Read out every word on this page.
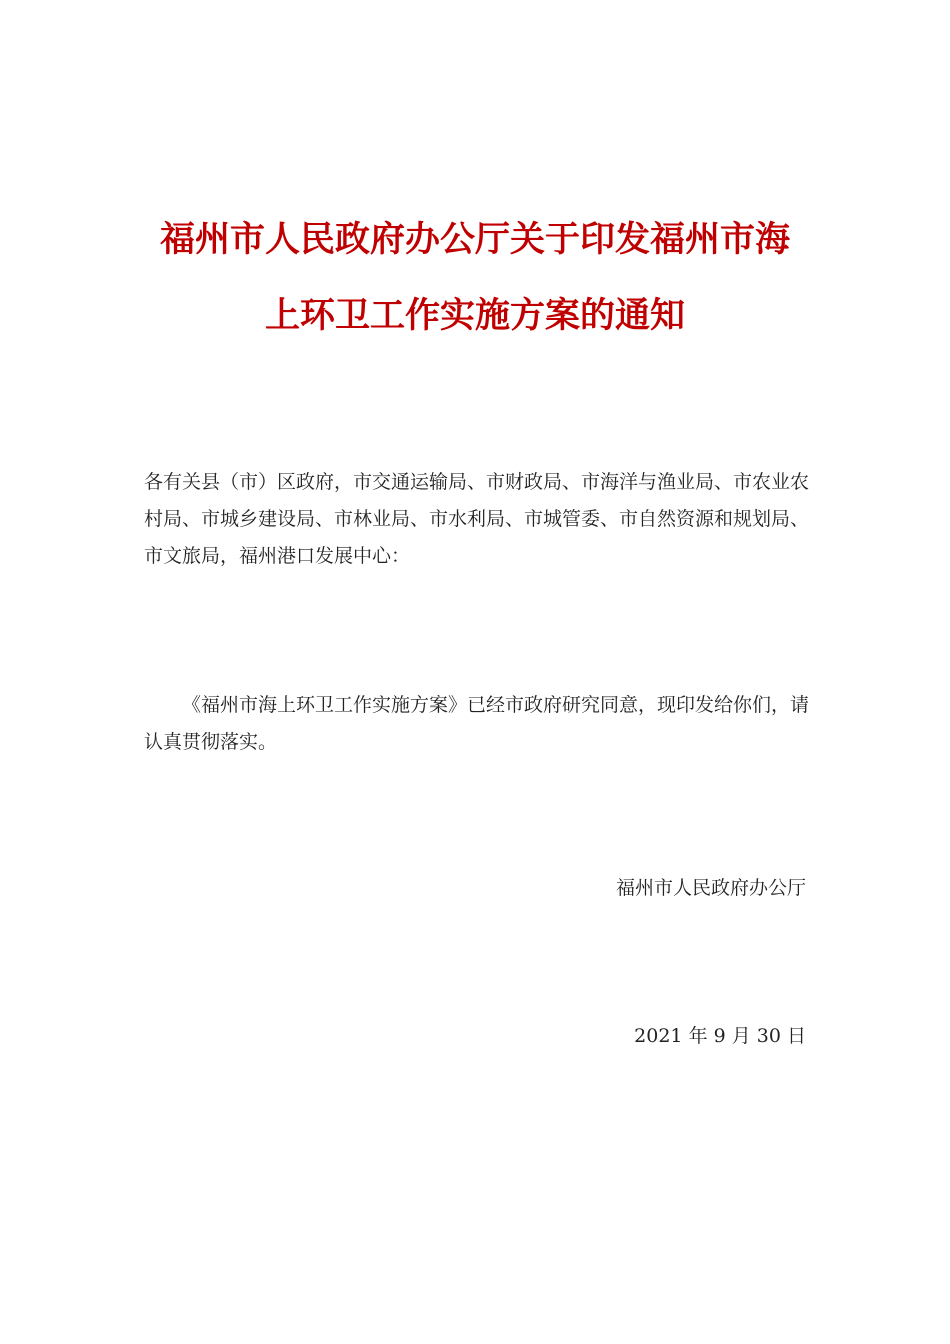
福州市人民政府办公厅关于印发福州市海
上环卫工作实施方案的通知
各有关县（市）区政府，市交通运输局、市财政局、市海洋与渔业局、市农业农村局、市城乡建设局、市林业局、市水利局、市城管委、市自然资源和规划局、市文旅局，福州港口发展中心：
《福州市海上环卫工作实施方案》已经市政府研究同意，现印发给你们，请认真贯彻落实。
福州市人民政府办公厅
2021 年 9 月 30 日
